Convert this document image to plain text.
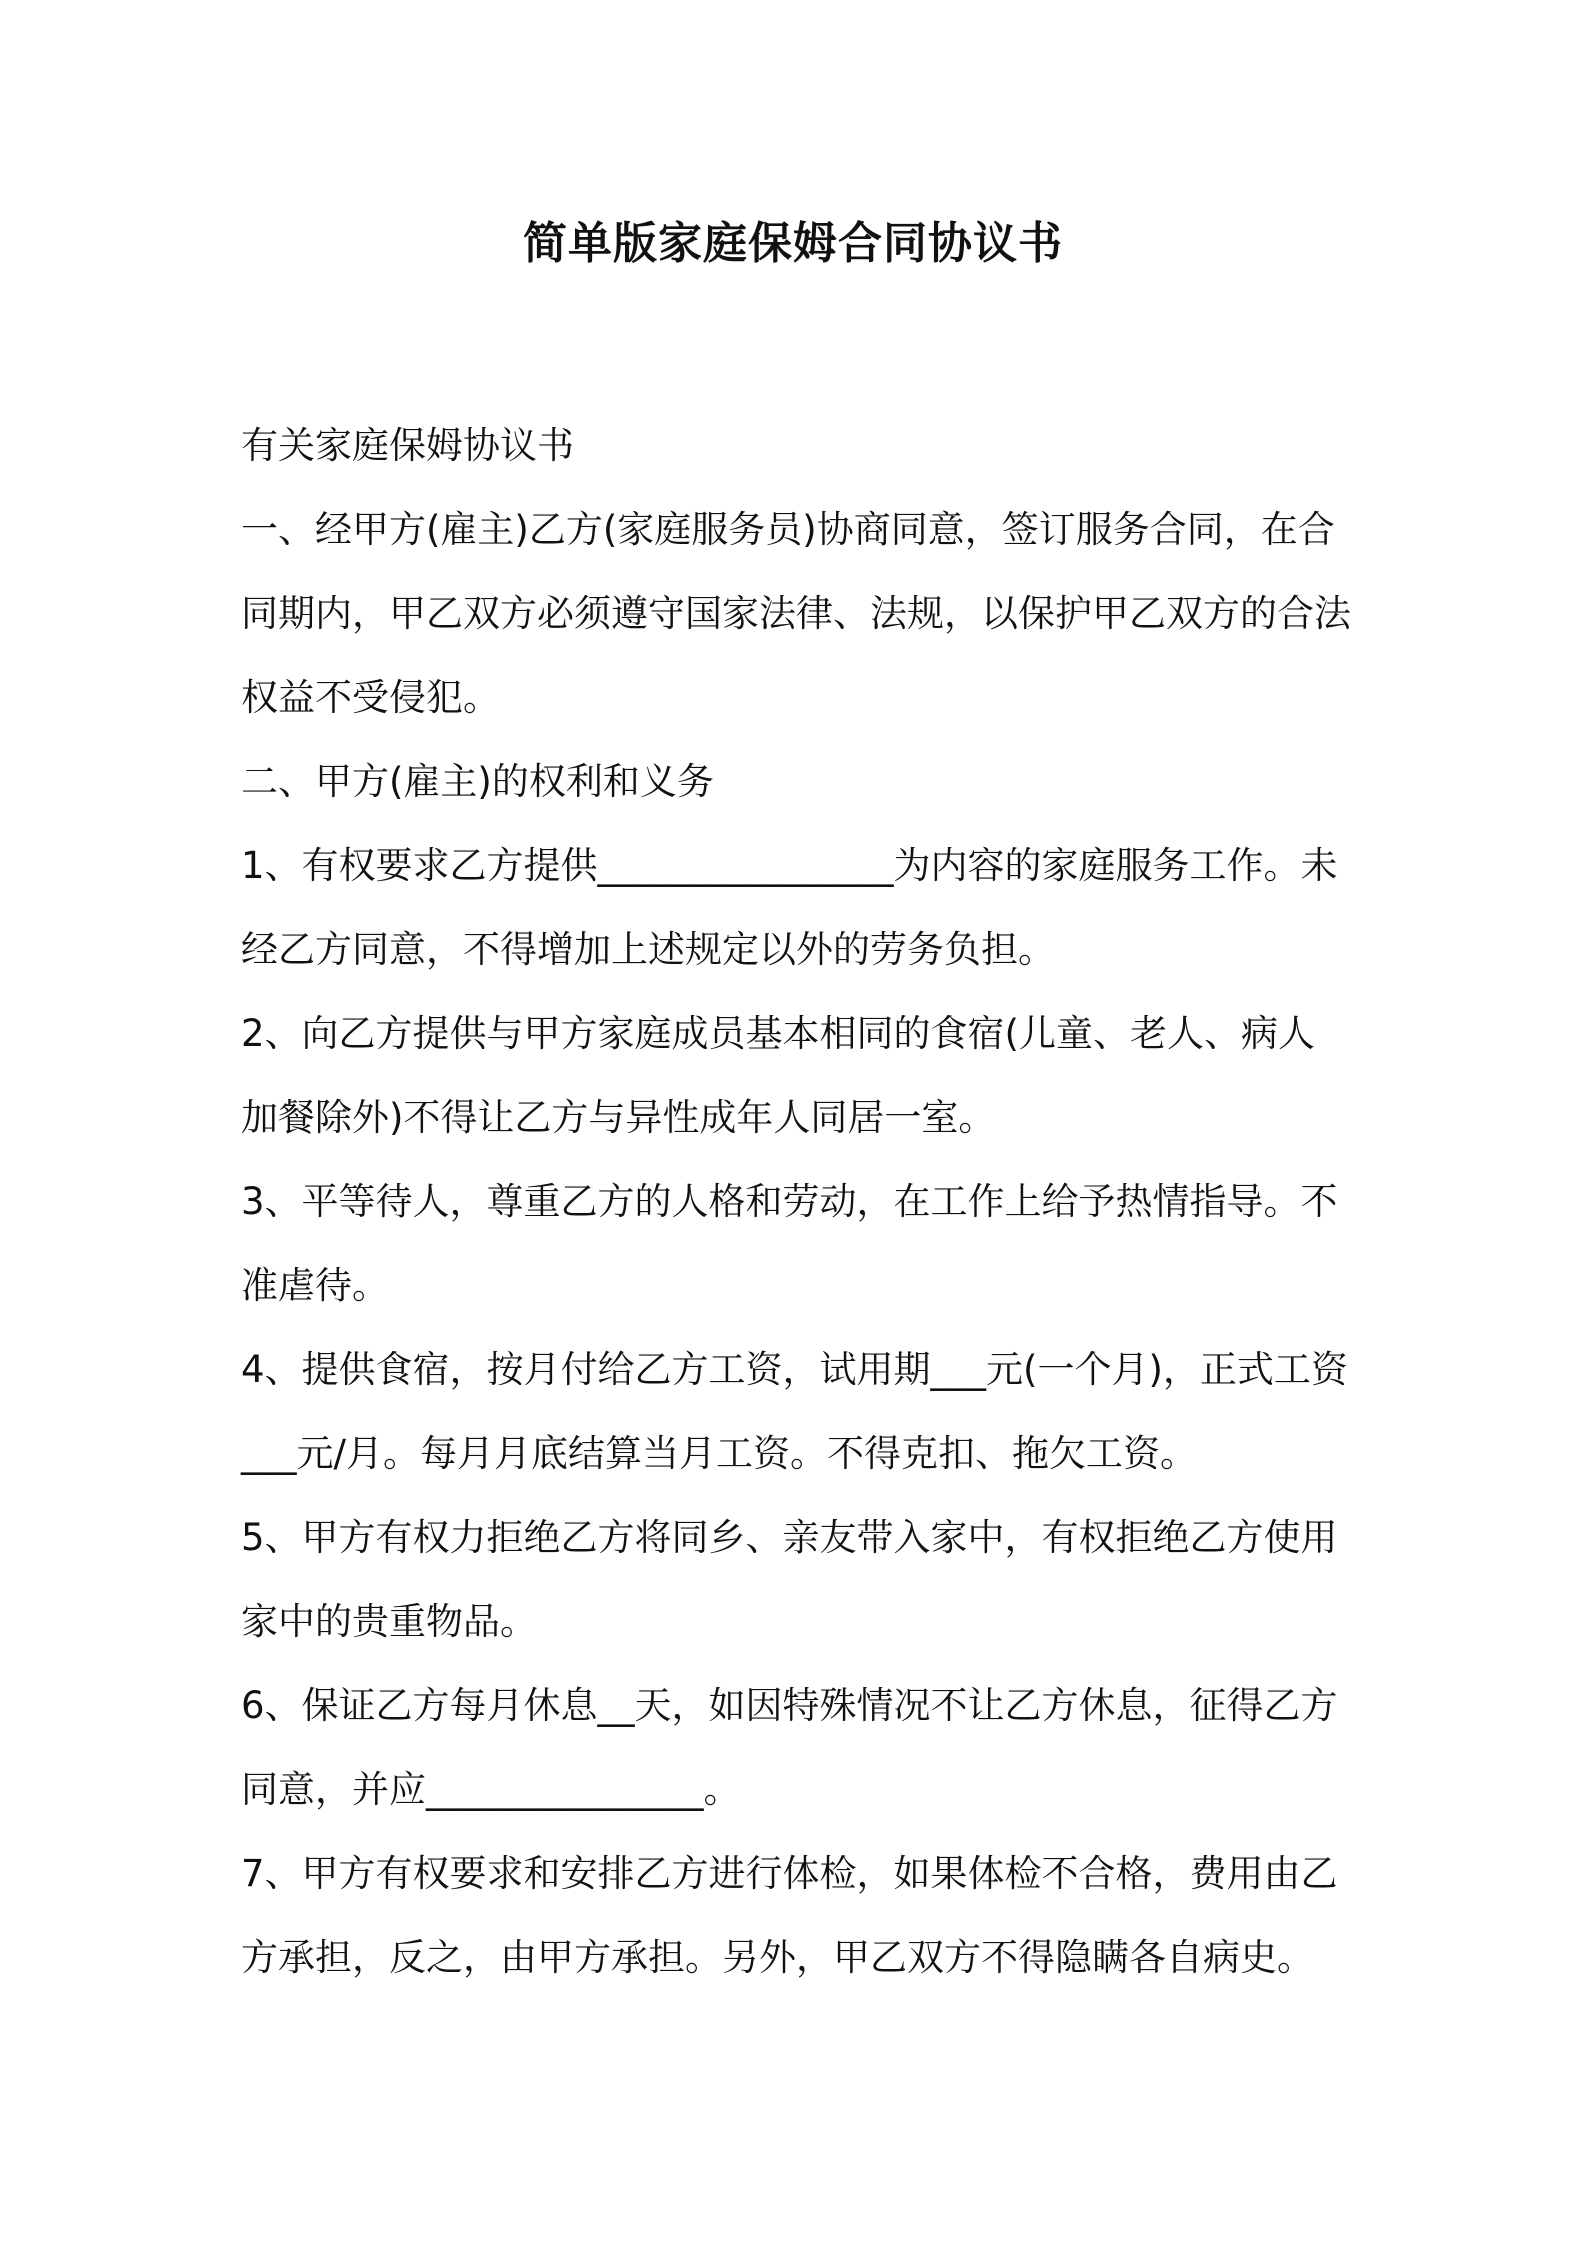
简单版家庭保姆合同协议书

有关家庭保姆协议书

一、经甲方(雇主)乙方(家庭服务员)协商同意，签订服务合同，在合同期内，甲乙双方必须遵守国家法律、法规，以保护甲乙双方的合法权益不受侵犯。

二、甲方(雇主)的权利和义务

1、有权要求乙方提供________________为内容的家庭服务工作。未经乙方同意，不得增加上述规定以外的劳务负担。

2、向乙方提供与甲方家庭成员基本相同的食宿(儿童、老人、病人加餐除外)不得让乙方与异性成年人同居一室。

3、平等待人，尊重乙方的人格和劳动，在工作上给予热情指导。不准虐待。

4、提供食宿，按月付给乙方工资，试用期___元(一个月)，正式工资___元/月。每月月底结算当月工资。不得克扣、拖欠工资。

5、甲方有权力拒绝乙方将同乡、亲友带入家中，有权拒绝乙方使用家中的贵重物品。

6、保证乙方每月休息__天，如因特殊情况不让乙方休息，征得乙方同意，并应_______________。

7、甲方有权要求和安排乙方进行体检，如果体检不合格，费用由乙方承担，反之，由甲方承担。另外，甲乙双方不得隐瞒各自病史。
